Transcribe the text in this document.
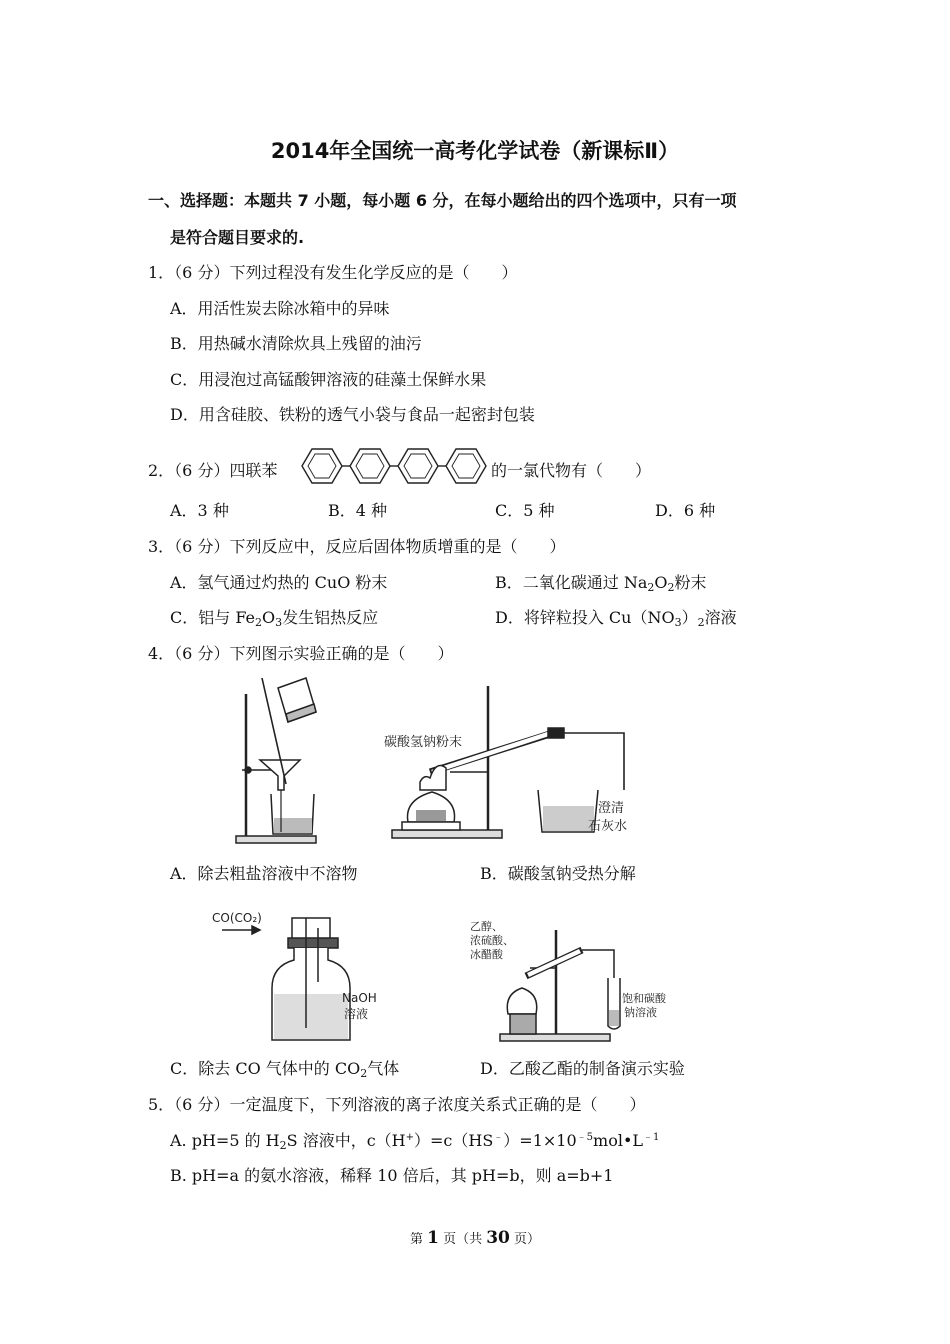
2014年全国统一高考化学试卷（新课标Ⅱ）
一、选择题：本题共 7 小题，每小题 6 分，在每小题给出的四个选项中，只有一项
是符合题目要求的.
1．（6 分）下列过程没有发生化学反应的是（　　）
A．用活性炭去除冰箱中的异味
B．用热碱水清除炊具上残留的油污
C．用浸泡过高锰酸钾溶液的硅藻土保鲜水果
D．用含硅胶、铁粉的透气小袋与食品一起密封包装
2．（6 分）四联苯	的一氯代物有（　　）
A．3 种	B．4 种	C．5 种	D．6 种
3．（6 分）下列反应中，反应后固体物质增重的是（　　）
A．氢气通过灼热的 CuO 粉末	B．二氧化碳通过 $Na_2O_2$粉末
C．铝与 $Fe_2O_3$发生铝热反应	D．将锌粒投入 $Cu(NO_3)_2$溶液
4．（6 分）下列图示实验正确的是（　　）
碳酸氢钠粉末
澄清
石灰水
A．除去粗盐溶液中不溶物	B．碳酸氢钠受热分解
CO(CO₂)
NaOH
溶液
乙醇、
浓硫酸、
冰醋酸
饱和碳酸
钠溶液
C．除去 CO 气体中的 $CO_2$气体	D．乙酸乙酯的制备演示实验
5．（6 分）一定温度下，下列溶液的离子浓度关系式正确的是（　　）
A. pH=5 的 $H_2S$ 溶液中，$c(H^+)=c(HS^﹣)=1\times 10^{﹣5}mol•L^{﹣1}$
B. pH=a 的氨水溶液，稀释 10 倍后，其 pH=b，则 a=b+1
第 1 页（共 30 页）
